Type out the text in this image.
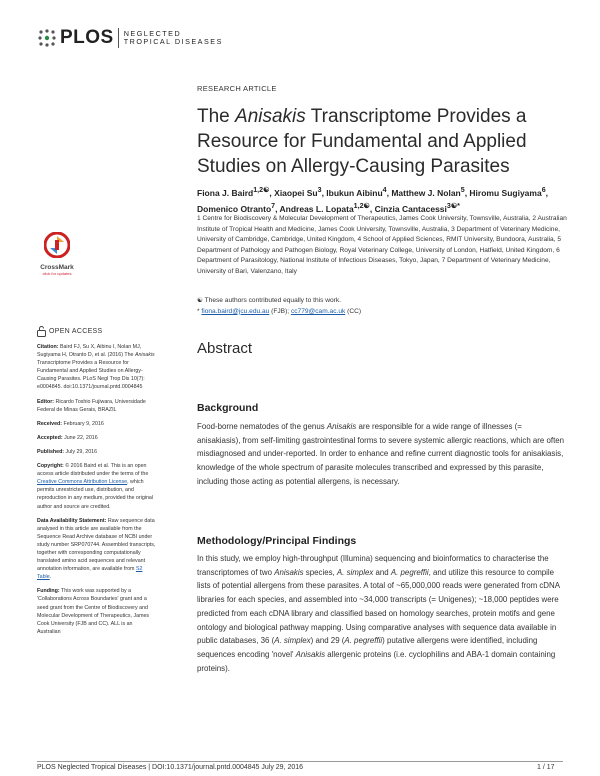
PLOS NEGLECTED
TROPICAL DISEASES
RESEARCH ARTICLE
The Anisakis Transcriptome Provides a Resource for Fundamental and Applied Studies on Allergy-Causing Parasites
Fiona J. Baird$^{1,2☯}$, Xiaopei Su$^3$, Ibukun Aibinu$^4$, Matthew J. Nolan$^5$, Hiromu Sugiyama$^6$, Domenico Otranto$^7$, Andreas L. Lopata$^{1,2☯}$, Cinzia Cantacessi$^{3☯*}$
1 Centre for Biodiscovery & Molecular Development of Therapeutics, James Cook University, Townsville, Australia, 2 Australian Institute of Tropical Health and Medicine, James Cook University, Townsville, Australia, 3 Department of Veterinary Medicine, University of Cambridge, Cambridge, United Kingdom, 4 School of Applied Sciences, RMIT University, Bundoora, Australia, 5 Department of Pathology and Pathogen Biology, Royal Veterinary College, University of London, Hatfield, United Kingdom, 6 Department of Parasitology, National Institute of Infectious Diseases, Tokyo, Japan, 7 Department of Veterinary Medicine, University of Bari, Valenzano, Italy
☯ These authors contributed equally to this work.
* fiona.baird@jcu.edu.au (FJB); cc779@cam.ac.uk (CC)
CrossMark
click for updates
Abstract
Background

Food-borne nematodes of the genus Anisakis are responsible for a wide range of illnesses (= anisakiasis), from self-limiting gastrointestinal forms to severe systemic allergic reactions, which are often misdiagnosed and under-reported. In order to enhance and refine current diagnostic tools for anisakiasis, knowledge of the whole spectrum of parasite molecules transcribed and expressed by this parasite, including those acting as potential allergens, is necessary.

Methodology/Principal Findings

In this study, we employ high-throughput (Illumina) sequencing and bioinformatics to characterise the transcriptomes of two Anisakis species, A. simplex and A. pegreffii, and utilize this resource to compile lists of potential allergens from these parasites. A total of ~65,000,000 reads were generated from cDNA libraries for each species, and assembled into ~34,000 transcripts (= Unigenes); ~18,000 peptides were predicted from each cDNA library and classified based on homology searches, protein motifs and gene ontology and biological pathway mapping. Using comparative analyses with sequence data available in public databases, 36 (A. simplex) and 29 (A. pegreffii) putative allergens were identified, including sequences encoding 'novel' Anisakis allergenic proteins (i.e. cyclophilins and ABA-1 domain containing proteins).

OPEN ACCESS

Citation: Baird FJ, Su X, Aibinu I, Nolan MJ, Sugiyama H, Otranto D, et al. (2016) The Anisakis Transcriptome Provides a Resource for Fundamental and Applied Studies on Allergy-Causing Parasites. PLoS Negl Trop Dis 10(7): e0004845. doi:10.1371/journal.pntd.0004845

Editor: Ricardo Toshio Fujiwara, Universidade Federal de Minas Gerais, BRAZIL

Received: February 9, 2016

Accepted: June 22, 2016

Published: July 29, 2016

Copyright: © 2016 Baird et al. This is an open access article distributed under the terms of the Creative Commons Attribution License, which permits unrestricted use, distribution, and reproduction in any medium, provided the original author and source are credited.

Data Availability Statement: Raw sequence data analysed in this article are available from the Sequence Read Archive database of NCBI under study number SRP070744. Assembled transcripts, together with corresponding computationally translated amino acid sequences and relevant annotation information, are available from S2 Table.

Funding: This work was supported by a 'Collaborations Across Boundaries' grant and a seed grant from the Centre of Biodiscovery and Molecular Development of Therapeutics, James Cook University (FJB and CC). ALL is an Australian

PLOS Neglected Tropical Diseases | DOI:10.1371/journal.pntd.0004845 July 29, 2016	1 / 17
